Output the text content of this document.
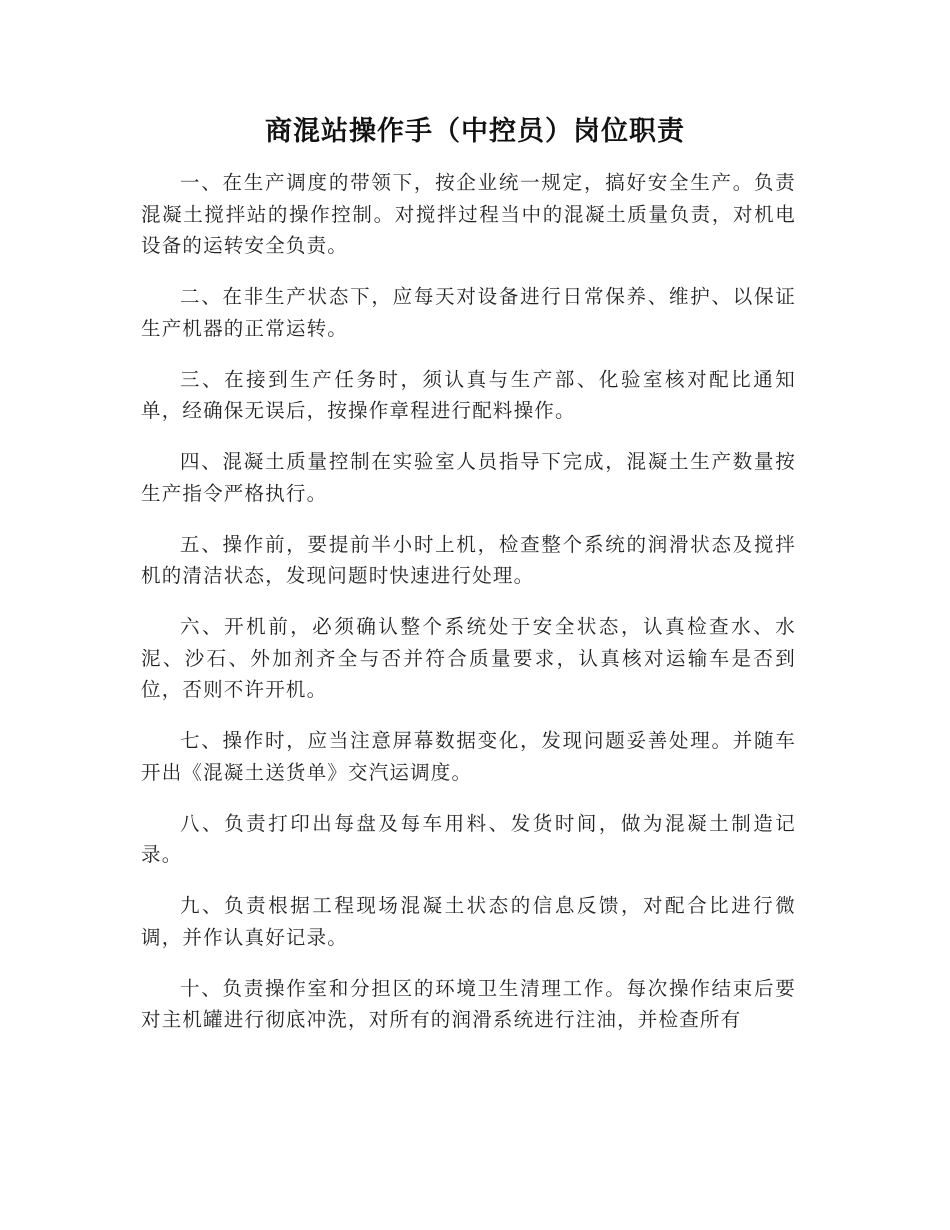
商混站操作手（中控员）岗位职责

一、在生产调度的带领下，按企业统一规定，搞好安全生产。负责混凝土搅拌站的操作控制。对搅拌过程当中的混凝土质量负责，对机电设备的运转安全负责。

二、在非生产状态下，应每天对设备进行日常保养、维护、以保证生产机器的正常运转。

三、在接到生产任务时，须认真与生产部、化验室核对配比通知单，经确保无误后，按操作章程进行配料操作。

四、混凝土质量控制在实验室人员指导下完成，混凝土生产数量按生产指令严格执行。

五、操作前，要提前半小时上机，检查整个系统的润滑状态及搅拌机的清洁状态，发现问题时快速进行处理。

六、开机前，必须确认整个系统处于安全状态，认真检查水、水泥、沙石、外加剂齐全与否并符合质量要求，认真核对运输车是否到位，否则不许开机。

七、操作时，应当注意屏幕数据变化，发现问题妥善处理。并随车开出《混凝土送货单》交汽运调度。

八、负责打印出每盘及每车用料、发货时间，做为混凝土制造记录。

九、负责根据工程现场混凝土状态的信息反馈，对配合比进行微调，并作认真好记录。

十、负责操作室和分担区的环境卫生清理工作。每次操作结束后要对主机罐进行彻底冲洗，对所有的润滑系统进行注油，并检查所有
